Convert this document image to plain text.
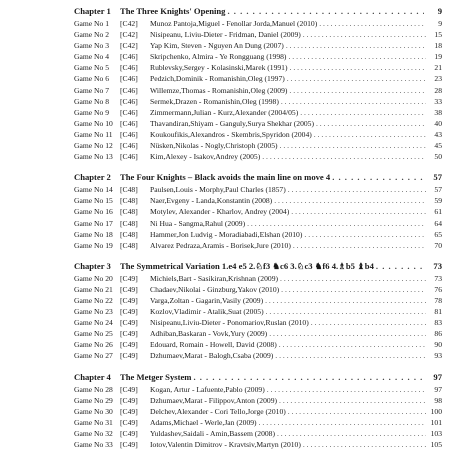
Chapter 1	The Three Knights' Opening . . .	9
Game No 1	[C42]	Munoz Pantoja,Miguel - Fenollar Jorda,Manuel (2010) . . .	9
Game No 2	[C42]	Nisipeanu, Liviu-Dieter - Fridman, Daniel (2009) . . .	15
Game No 3	[C42]	Yap Kim, Steven - Nguyen An Dung (2007) . . .	18
Game No 4	[C46]	Skripchenko, Almira - Ye Rongguang (1998) . . .	19
Game No 5	[C46]	Rublevsky,Sergey - Kolasinski,Marek (1991) . . .	21
Game No 6	[C46]	Pedzich,Dominik - Romanishin,Oleg (1997) . . .	23
Game No 7	[C46]	Willemze,Thomas - Romanishin,Oleg (2009) . . .	28
Game No 8	[C46]	Sermek,Drazen - Romanishin,Oleg (1998) . . .	33
Game No 9	[C46]	Zimmermann,Julian - Kurz,Alexander (2004/05) . . .	38
Game No 10 [C46]	Thavandiran,Shiyam - Ganguly,Surya Shekhar (2005) . . .	40
Game No 11 [C46]	Koukoufikis,Alexandros - Skembris,Spyridon (2004) . . .	43
Game No 12 [C46]	Nüsken,Nikolas - Nogly,Christoph (2005) . . .	45
Game No 13 [C46]	Kim,Alexey - Isakov,Andrey (2005) . . .	50
Chapter 2	The Four Knights – Black avoids the main line on move 4 . . .	57
Game No 14 [C48]	Paulsen,Louis - Morphy,Paul Charles (1857) . . .	57
Game No 15 [C48]	Naer,Evgeny - Landa,Konstantin (2008) . . .	59
Game No 16 [C48]	Motylev, Alexander - Kharlov, Andrey (2004) . . .	61
Game No 17 [C48]	Ni Hua - Sangma,Rahul (2009) . . .	64
Game No 18 [C48]	Hammer,Jon Ludvig - Moradiabadi,Elshan (2010) . . .	65
Game No 19 [C48]	Alvarez Pedraza,Aramis - Borisek,Jure (2010) . . .	70
Chapter 3	The Symmetrical Variation 1.e4 e5 2.♘f3 ♞c6 3.♘c3 ♞f6 4.♗b5 ♝b4 . . .	73
Game No 20 [C49]	Michiels,Bart - Sasikiran,Krishnan (2009) . . .	73
Game No 21 [C49]	Chadaev,Nikolai - Ginzburg,Yakov (2010) . . .	76
Game No 22 [C49]	Varga,Zoltan - Gagarin,Vasily (2009) . . .	78
Game No 23 [C49]	Kozlov,Vladimir - Atalik,Suat (2005) . . .	81
Game No 24 [C49]	Nisipeanu,Liviu-Dieter - Ponomariov,Ruslan (2010) . . .	83
Game No 25 [C49]	Adhiban,Baskaran - Vovk,Yury (2009) . . .	86
Game No 26 [C49]	Edouard, Romain - Howell, David (2008) . . .	90
Game No 27 [C49]	Dzhumaev,Marat - Balogh,Csaba (2009) . . .	93
Chapter 4	The Metger System . . .	97
Game No 28 [C49]	Kogan, Artur - Lafuente,Pablo (2009) . . .	97
Game No 29 [C49]	Dzhumaev,Marat - Filippov,Anton (2009) . . .	98
Game No 30 [C49]	Delchev,Alexander - Cori Tello,Jorge (2010) . . .	100
Game No 31 [C49]	Adams,Michael - Werle,Jan (2009) . . .	101
Game No 32 [C49]	Yuldashev,Saidali - Amin,Bassem (2008) . . .	103
Game No 33 [C49]	Iotov,Valentin Dimitrov - Kravtsiv,Martyn (2010) . . .	105
